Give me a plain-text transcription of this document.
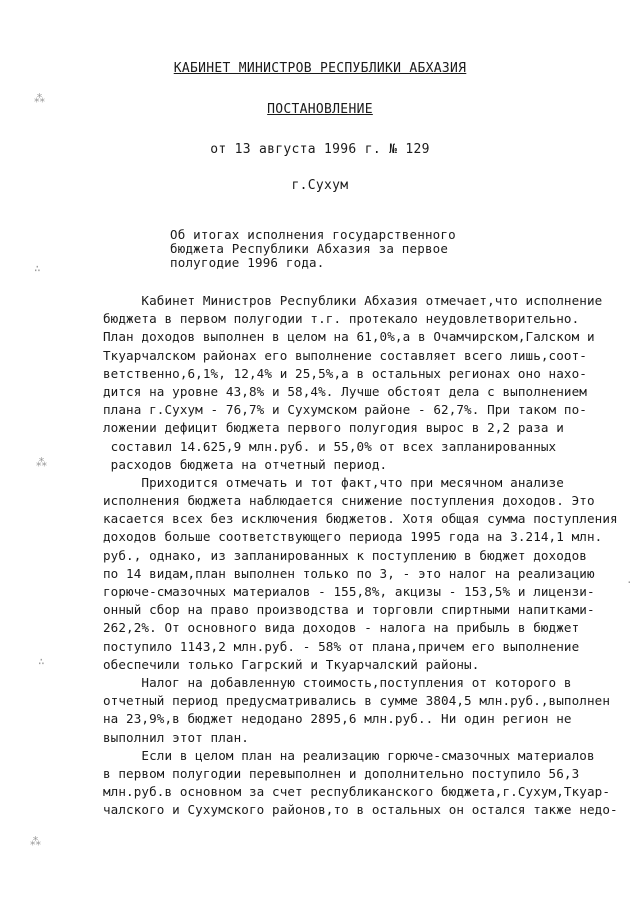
КАБИНЕТ МИНИСТРОВ РЕСПУБЛИКИ АБХАЗИЯ
ПОСТАНОВЛЕНИЕ
от 13 августа 1996 г. № 129
г.Сухум
Об итогах исполнения государственного
бюджета Республики Абхазия за первое
полугодие 1996 года.
Кабинет Министров Республики Абхазия отмечает,что исполнение
бюджета в первом полугодии т.г. протекало неудовлетворительно.
План доходов выполнен в целом на 61,0%,а в Очамчирском,Галском и
Ткуарчалском районах его выполнение составляет всего лишь,соот-
ветственно,6,1%, 12,4% и 25,5%,а в остальных регионах оно нахо-
дится на уровне 43,8% и 58,4%. Лучше обстоят дела с выполнением
плана г.Сухум - 76,7% и Сухумском районе - 62,7%. При таком по-
ложении дефицит бюджета первого полугодия вырос в 2,2 раза и
составил 14.625,9 млн.руб. и 55,0% от всех запланированных
расходов бюджета на отчетный период.
Приходится отмечать и тот факт,что при месячном анализе
исполнения бюджета наблюдается снижение поступления доходов. Это
касается всех без исключения бюджетов. Хотя общая сумма поступления
доходов больше соответствующего периода 1995 года на 3.214,1 млн.
руб., однако, из запланированных к поступлению в бюджет доходов
по 14 видам,план выполнен только по 3, - это налог на реализацию
горюче-смазочных материалов - 155,8%, акцизы - 153,5% и лицензи-
онный сбор на право производства и торговли спиртными напитками-
262,2%. От основного вида доходов - налога на прибыль в бюджет
поступило 1143,2 млн.руб. - 58% от плана,причем его выполнение
обеспечили только Гагрский и Ткуарчалский районы.
Налог на добавленную стоимость,поступления от которого в
отчетный период предусматривались в сумме 3804,5 млн.руб.,выполнен
на 23,9%,в бюджет недодано 2895,6 млн.руб.. Ни один регион не
выполнил этот план.
Если в целом план на реализацию горюче-смазочных материалов
в первом полугодии перевыполнен и дополнительно поступило 56,3
млн.руб.в основном за счет республиканского бюджета,г.Сухум,Ткуар-
чалского и Сухумского районов,то в остальных он остался также недо-
⁂
∴
⁂
∴
⁂
·
